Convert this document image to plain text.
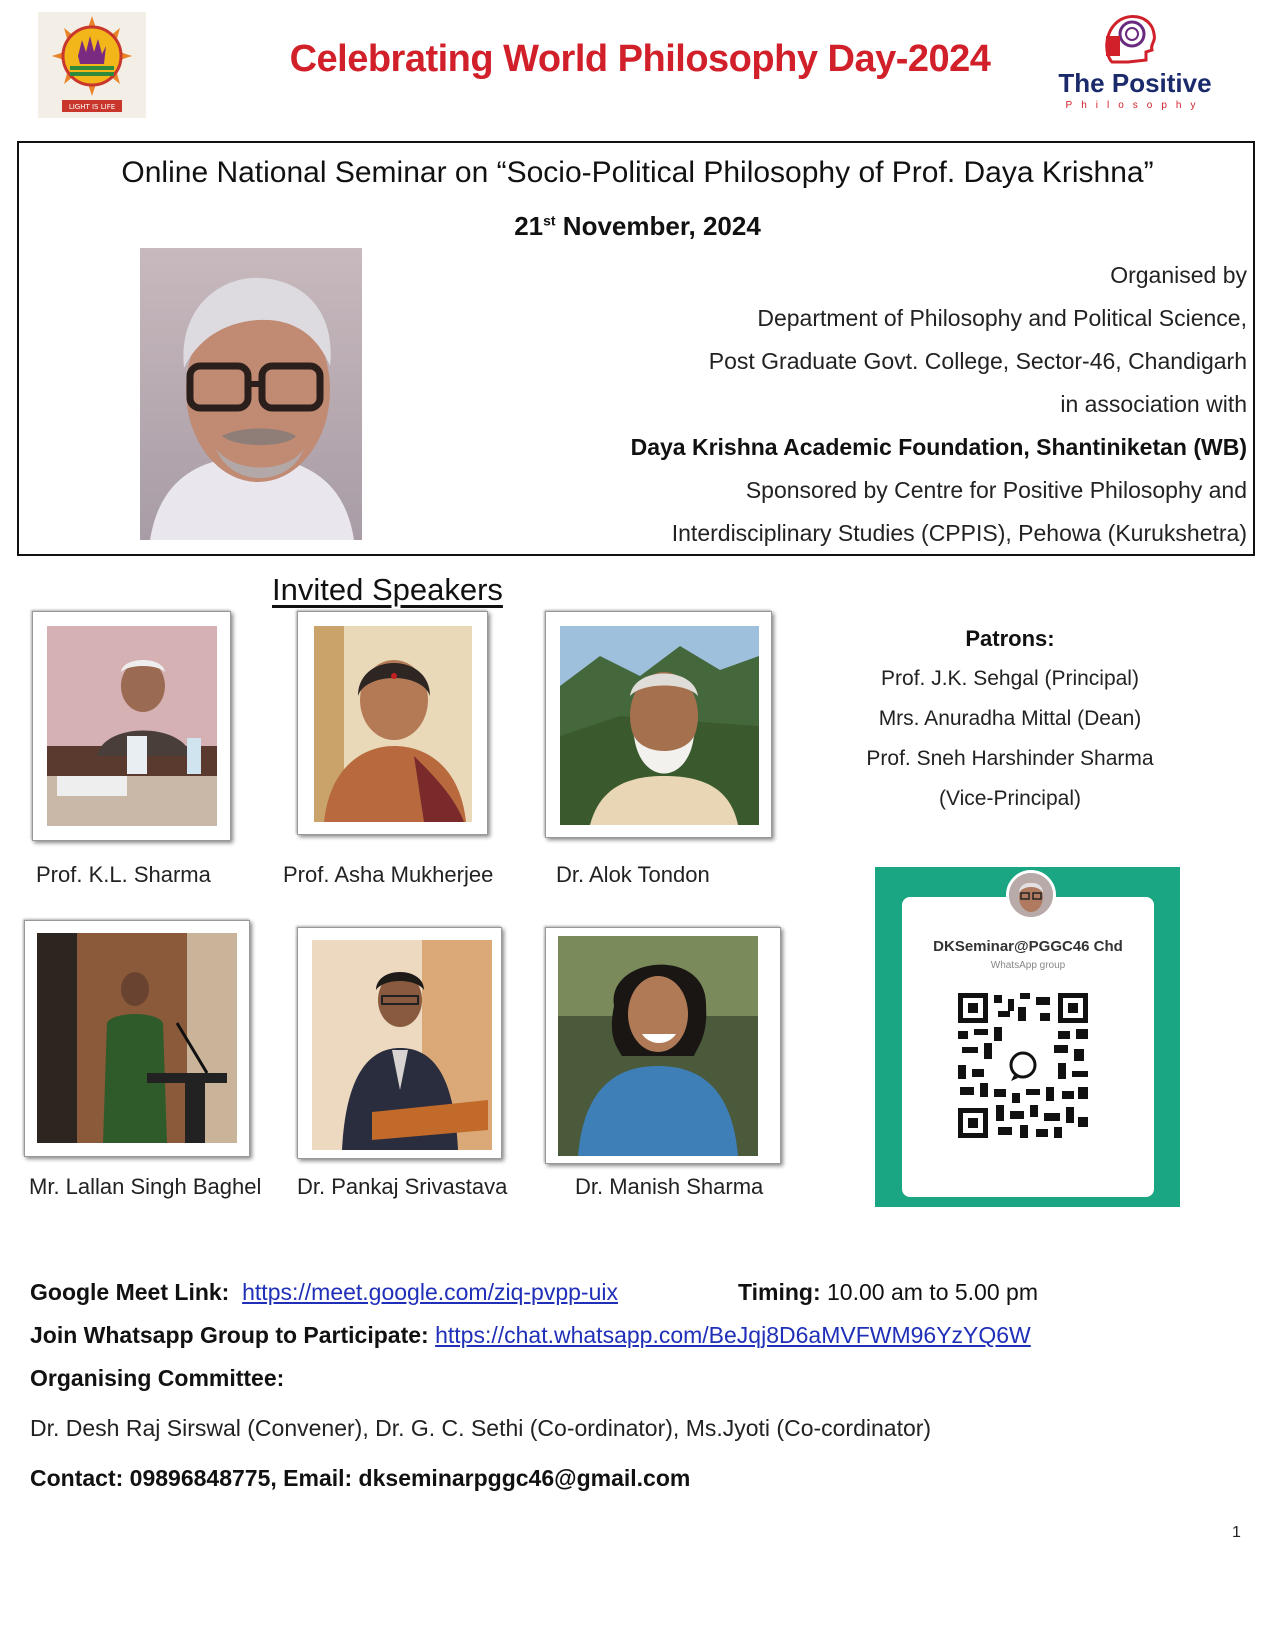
LIGHT IS LIFE
Celebrating World Philosophy Day-2024
The Positive
Philosophy
Online National Seminar on “Socio-Political Philosophy of Prof. Daya Krishna”
21st November, 2024
Organised by
Department of Philosophy and Political Science,
Post Graduate Govt. College, Sector-46, Chandigarh
in association with
Daya Krishna Academic Foundation, Shantiniketan (WB)
Sponsored by Centre for Positive Philosophy and
Interdisciplinary Studies (CPPIS), Pehowa (Kurukshetra)
Invited Speakers
Prof. K.L. Sharma	Prof. Asha Mukherjee	Dr. Alok Tondon
Mr. Lallan Singh Baghel Dr. Pankaj Srivastava	Dr. Manish Sharma
Patrons:
Prof. J.K. Sehgal (Principal)
Mrs. Anuradha Mittal (Dean)
Prof. Sneh Harshinder Sharma
(Vice-Principal)
DKSeminar@PGGC46 Chd
WhatsApp group
Google Meet Link: https://meet.google.com/ziq-pvpp-uix	Timing: 10.00 am to 5.00 pm
Join Whatsapp Group to Participate: https://chat.whatsapp.com/BeJqj8D6aMVFWM96YzYQ6W
Organising Committee:
Dr. Desh Raj Sirswal (Convener), Dr. G. C. Sethi (Co-ordinator), Ms.Jyoti (Co-cordinator)
Contact: 09896848775, Email: dkseminarpggc46@gmail.com
1
